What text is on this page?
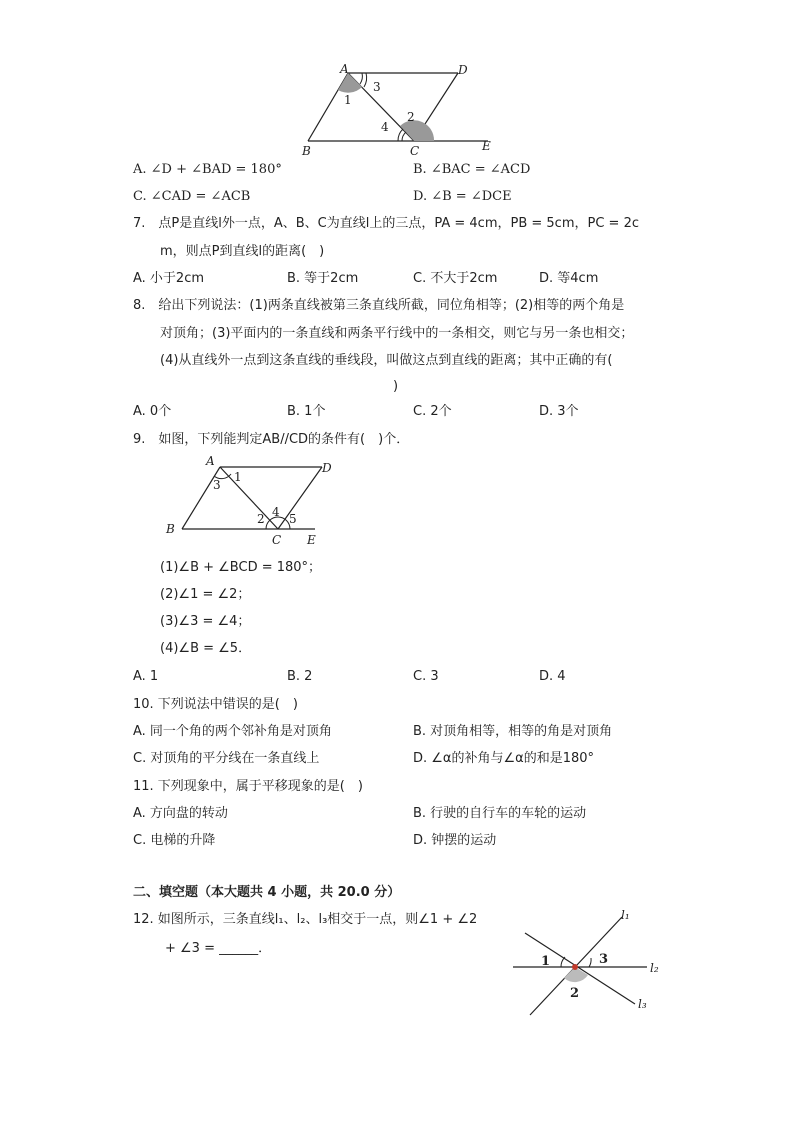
A	D
B	C	E
1
3
4
2
A. ∠D + ∠BAD = 180°	B. ∠BAC = ∠ACD
C. ∠CAD = ∠ACB	D. ∠B = ∠DCE
7.　点P是直线l外一点，A、B、C为直线l上的三点，PA = 4cm，PB = 5cm，PC = 2c
m，则点P到直线l的距离(　)
A. 小于2cm	B. 等于2cm	C. 不大于2cm	D. 等4cm
8.　给出下列说法：(1)两条直线被第三条直线所截，同位角相等；(2)相等的两个角是
对顶角；(3)平面内的一条直线和两条平行线中的一条相交，则它与另一条也相交；
(4)从直线外一点到这条直线的垂线段，叫做这点到直线的距离；其中正确的有(
)
A. 0个	B. 1个	C. 2个	D. 3个
9.　如图，下列能判定AB//CD的条件有(　)个．
A	D
B
C E
1
3
2 4 5
(1)∠B + ∠BCD = 180°；
(2)∠1 = ∠2；
(3)∠3 = ∠4；
(4)∠B = ∠5．
A. 1	B. 2	C. 3	D. 4
10. 下列说法中错误的是(　)
A. 同一个角的两个邻补角是对顶角	B. 对顶角相等，相等的角是对顶角
C. 对顶角的平分线在一条直线上	D. ∠α的补角与∠α的和是180°
11. 下列现象中，属于平移现象的是(　)
A. 方向盘的转动	B. 行驶的自行车的车轮的运动
C. 电梯的升降	D. 钟摆的运动
二、填空题（本大题共 4 小题，共 20.0 分）
12. 如图所示，三条直线l₁、l₂、l₃相交于一点，则∠1 + ∠2
+ ∠3 = ______．
l₁
l₂
l₃
1	3
2
